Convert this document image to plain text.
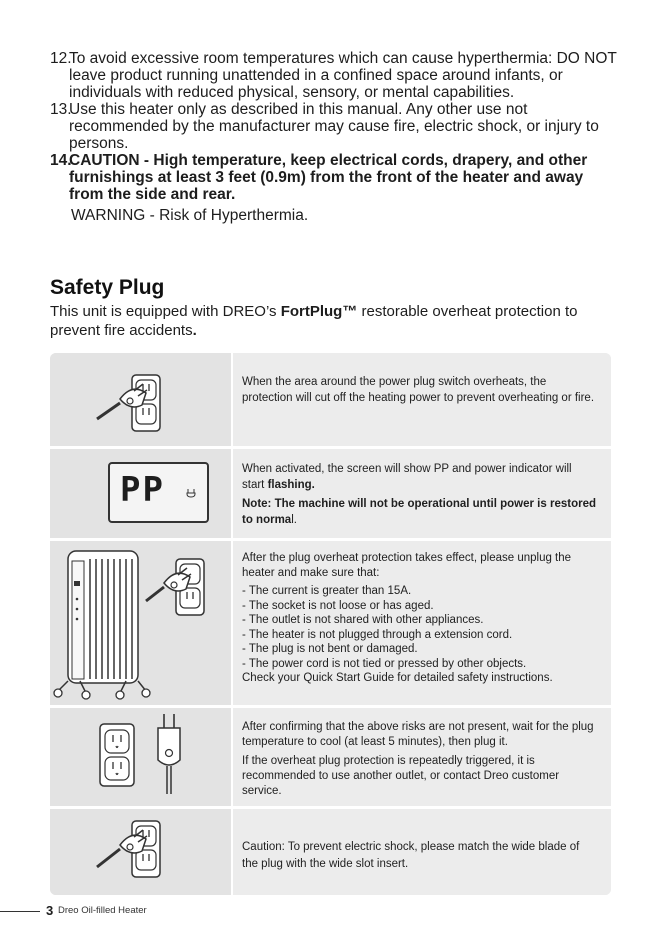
12.
To avoid excessive room temperatures which can cause hyperthermia: DO NOT leave product running unattended in a confined space around infants, or individuals with reduced physical, sensory, or mental capabilities.
13.
Use this heater only as described in this manual. Any other use not recommended by the manufacturer may cause fire, electric shock, or injury to persons.
14.
CAUTION - High temperature, keep electrical cords, drapery, and other furnishings at least 3 feet (0.9m) from the front of the heater and away from the side and rear.
WARNING - Risk of Hyperthermia.
Safety Plug
This unit is equipped with DREO’s FortPlug™ restorable overheat protection to prevent fire accidents.

When the area around the power plug switch overheats, the protection will cut off the heating power to prevent overheating or fire.

PP

When activated, the screen will show PP and power indicator will start flashing.

Note: The machine will not be operational until power is restored to normal.

After the plug overheat protection takes effect, please unplug the heater and make sure that:

- The current is greater than 15A.
- The socket is not loose or has aged.
- The outlet is not shared with other appliances.
- The heater is not plugged through a extension cord.
- The plug is not bent or damaged.
- The power cord is not tied or pressed by other objects.

Check your Quick Start Guide for detailed safety instructions.

After confirming that the above risks are not present, wait for the plug temperature to cool (at least 5 minutes), then plug it.

If the overheat plug protection is repeatedly triggered, it is recommended to use another outlet, or contact Dreo customer service.

Caution: To prevent electric shock, please match the wide blade of the plug with the wide slot insert.

3 Dreo Oil-filled Heater
